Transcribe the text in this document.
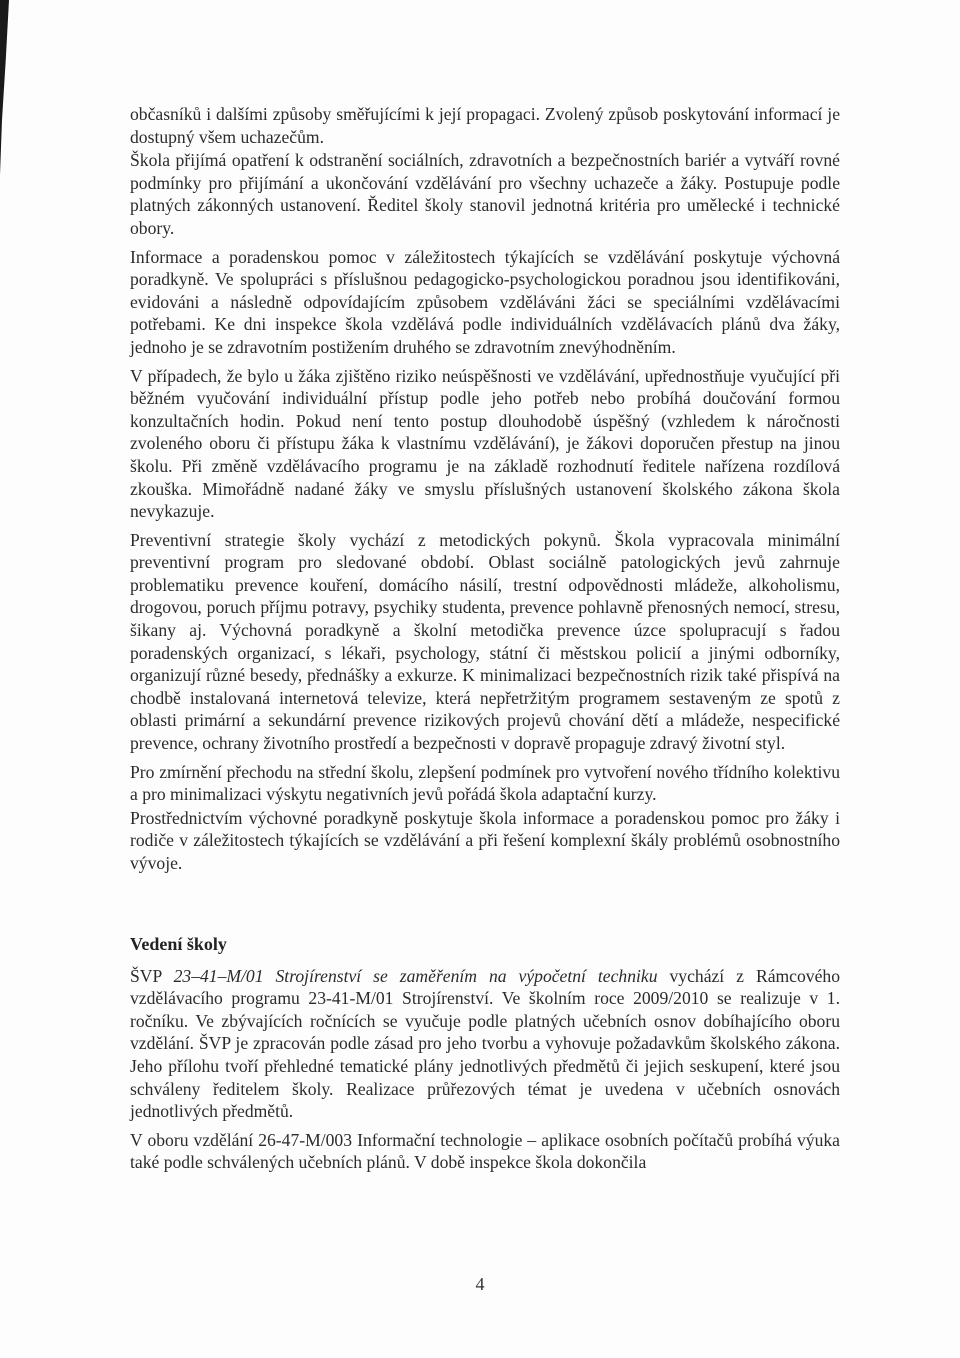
občasníků i dalšími způsoby směřujícími k její propagaci. Zvolený způsob poskytování informací je dostupný všem uchazečům.

Škola přijímá opatření k odstranění sociálních, zdravotních a bezpečnostních bariér a vytváří rovné podmínky pro přijímání a ukončování vzdělávání pro všechny uchazeče a žáky. Postupuje podle platných zákonných ustanovení. Ředitel školy stanovil jednotná kritéria pro umělecké i technické obory.

Informace a poradenskou pomoc v záležitostech týkajících se vzdělávání poskytuje výchovná poradkyně. Ve spolupráci s příslušnou pedagogicko-psychologickou poradnou jsou identifikováni, evidováni a následně odpovídajícím způsobem vzděláváni žáci se speciálními vzdělávacími potřebami. Ke dni inspekce škola vzdělává podle individuálních vzdělávacích plánů dva žáky, jednoho je se zdravotním postižením druhého se zdravotním znevýhodněním.

V případech, že bylo u žáka zjištěno riziko neúspěšnosti ve vzdělávání, upřednostňuje vyučující při běžném vyučování individuální přístup podle jeho potřeb nebo probíhá doučování formou konzultačních hodin. Pokud není tento postup dlouhodobě úspěšný (vzhledem k náročnosti zvoleného oboru či přístupu žáka k vlastnímu vzdělávání), je žákovi doporučen přestup na jinou školu. Při změně vzdělávacího programu je na základě rozhodnutí ředitele nařízena rozdílová zkouška. Mimořádně nadané žáky ve smyslu příslušných ustanovení školského zákona škola nevykazuje.

Preventivní strategie školy vychází z metodických pokynů. Škola vypracovala minimální preventivní program pro sledované období. Oblast sociálně patologických jevů zahrnuje problematiku prevence kouření, domácího násilí, trestní odpovědnosti mládeže, alkoholismu, drogovou, poruch příjmu potravy, psychiky studenta, prevence pohlavně přenosných nemocí, stresu, šikany aj. Výchovná poradkyně a školní metodička prevence úzce spolupracují s řadou poradenských organizací, s lékaři, psychology, státní či městskou policií a jinými odborníky, organizují různé besedy, přednášky a exkurze. K minimalizaci bezpečnostních rizik také přispívá na chodbě instalovaná internetová televize, která nepřetržitým programem sestaveným ze spotů z oblasti primární a sekundární prevence rizikových projevů chování dětí a mládeže, nespecifické prevence, ochrany životního prostředí a bezpečnosti v dopravě propaguje zdravý životní styl.

Pro zmírnění přechodu na střední školu, zlepšení podmínek pro vytvoření nového třídního kolektivu a pro minimalizaci výskytu negativních jevů pořádá škola adaptační kurzy.

Prostřednictvím výchovné poradkyně poskytuje škola informace a poradenskou pomoc pro žáky i rodiče v záležitostech týkajících se vzdělávání a při řešení komplexní škály problémů osobnostního vývoje.

Vedení školy

ŠVP 23–41–M/01 Strojírenství se zaměřením na výpočetní techniku vychází z Rámcového vzdělávacího programu 23-41-M/01 Strojírenství. Ve školním roce 2009/2010 se realizuje v 1. ročníku. Ve zbývajících ročnících se vyučuje podle platných učebních osnov dobíhajícího oboru vzdělání. ŠVP je zpracován podle zásad pro jeho tvorbu a vyhovuje požadavkům školského zákona. Jeho přílohu tvoří přehledné tematické plány jednotlivých předmětů či jejich seskupení, které jsou schváleny ředitelem školy. Realizace průřezových témat je uvedena v učebních osnovách jednotlivých předmětů.

V oboru vzdělání 26-47-M/003 Informační technologie – aplikace osobních počítačů probíhá výuka také podle schválených učebních plánů. V době inspekce škola dokončila

4
